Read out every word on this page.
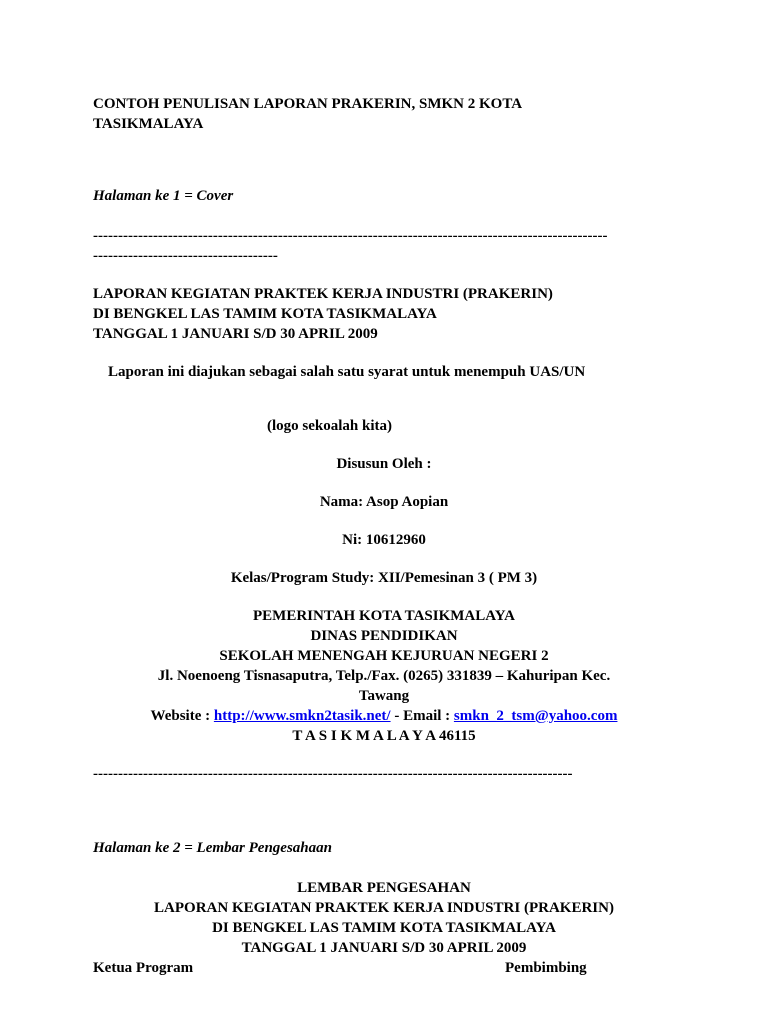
CONTOH PENULISAN LAPORAN PRAKERIN, SMKN 2 KOTA
TASIKMALAYA
Halaman ke 1 = Cover
-------------------------------------------------------------------------------------------------------
-------------------------------------
LAPORAN KEGIATAN PRAKTEK KERJA INDUSTRI (PRAKERIN)
DI BENGKEL LAS TAMIM KOTA TASIKMALAYA
TANGGAL 1 JANUARI S/D 30 APRIL 2009
Laporan ini diajukan sebagai salah satu syarat untuk menempuh UAS/UN
(logo sekoalah kita)
Disusun Oleh :
Nama: Asop Aopian
Ni: 10612960
Kelas/Program Study: XII/Pemesinan 3 ( PM 3)
PEMERINTAH KOTA TASIKMALAYA
DINAS PENDIDIKAN
SEKOLAH MENENGAH KEJURUAN NEGERI 2
Jl. Noenoeng Tisnasaputra, Telp./Fax. (0265) 331839 – Kahuripan Kec.
Tawang
Website : http://www.smkn2tasik.net/ - Email : smkn_2_tsm@yahoo.com
T A S I K M A L A Y A 46115
------------------------------------------------------------------------------------------------
Halaman ke 2 = Lembar Pengesahaan
LEMBAR PENGESAHAN
LAPORAN KEGIATAN PRAKTEK KERJA INDUSTRI (PRAKERIN)
DI BENGKEL LAS TAMIM KOTA TASIKMALAYA
TANGGAL 1 JANUARI S/D 30 APRIL 2009
Ketua Program	Pembimbing
